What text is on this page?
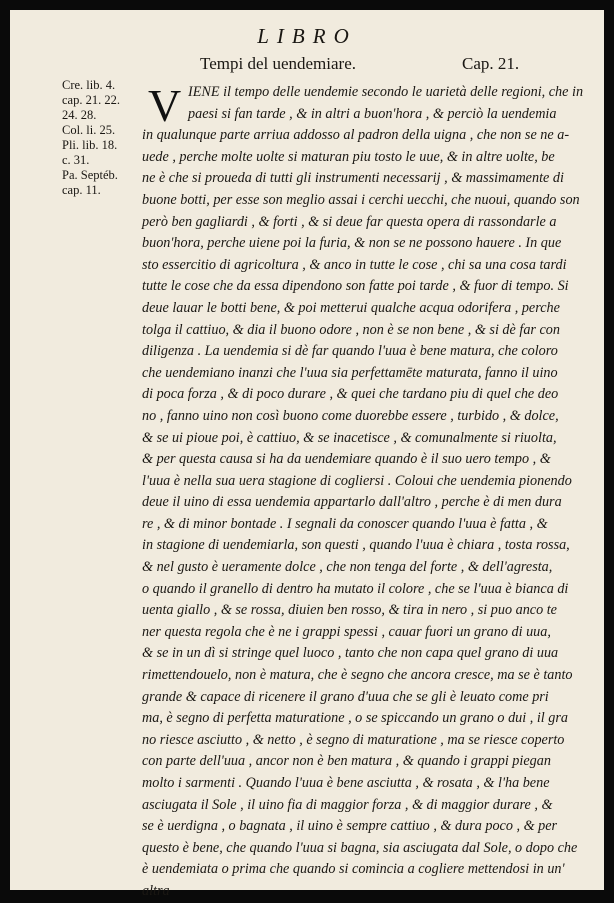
LIBRO
Tempi del uendemiare.	Cap. 21.
Cre. lib. 4.
cap. 21. 22.
24. 28.
Col. li. 25.
Pli. lib. 18.
c. 31.
Pa. Septéb.
cap. 11.
V IENE il tempo delle uendemie secondo le uarietà delle regioni, che in
paesi si fan tarde , & in altri a buon'hora , & perciò la uendemia
in qualunque parte arriua addosso al padron della uigna , che non se ne a-
uede , perche molte uolte si maturan piu tosto le uue, & in altre uolte, be
ne è che si proueda di tutti gli instrumenti necessarij , & massimamente di
buone botti, per esse son meglio assai i cerchi uecchi, che nuoui, quando son
però ben gagliardi , & forti , & si deue far questa opera di rassondarle a
buon'hora, perche uiene poi la furia, & non se ne possono hauere . In que
sto essercitio di agricoltura , & anco in tutte le cose , chi sa una cosa tardi
tutte le cose che da essa dipendono son fatte poi tarde , & fuor di tempo. Si
deue lauar le botti bene, & poi metterui qualche acqua odorifera , perche
tolga il cattiuo, & dia il buono odore , non è se non bene , & si dè far con
diligenza . La uendemia si dè far quando l'uua è bene matura, che coloro
che uendemiano inanzi che l'uua sia perfettamēte maturata, fanno il uino
di poca forza , & di poco durare , & quei che tardano piu di quel che deo
no , fanno uino non così buono come duorebbe essere , turbido , & dolce,
& se ui pioue poi, è cattiuo, & se inacetisce , & comunalmente si riuolta,
& per questa causa si ha da uendemiare quando è il suo uero tempo , &
l'uua è nella sua uera stagione di cogliersi . Coloui che uendemia pionendo
deue il uino di essa uendemia appartarlo dall'altro , perche è di men dura
re , & di minor bontade . I segnali da conoscer quando l'uua è fatta , &
in stagione di uendemiarla, son questi , quando l'uua è chiara , tosta rossa,
& nel gusto è ueramente dolce , che non tenga del forte , & dell'agresta,
o quando il granello di dentro ha mutato il colore , che se l'uua è bianca di
uenta giallo , & se rossa, diuien ben rosso, & tira in nero , si puo anco te
ner questa regola che è ne i grappi spessi , cauar fuori un grano di uua,
& se in un dì si stringe quel luoco , tanto che non capa quel grano di uua
rimettendouelo, non è matura, che è segno che ancora cresce, ma se è tanto
grande & capace di ricenere il grano d'uua che se gli è leuato come pri
ma, è segno di perfetta maturatione , o se spiccando un grano o dui , il gra
no riesce asciutto , & netto , è segno di maturatione , ma se riesce coperto
con parte dell'uua , ancor non è ben matura , & quando i grappi piegan
molto i sarmenti . Quando l'uua è bene asciutta , & rosata , & l'ha bene
asciugata il Sole , il uino fia di maggior forza , & di maggior durare , &
se è uerdigna , o bagnata , il uino è sempre cattiuo , & dura poco , & per
questo è bene, che quando l'uua si bagna, sia asciugata dal Sole, o dopo che
è uendemiata o prima che quando si comincia a cogliere mettendosi in un'
altra
